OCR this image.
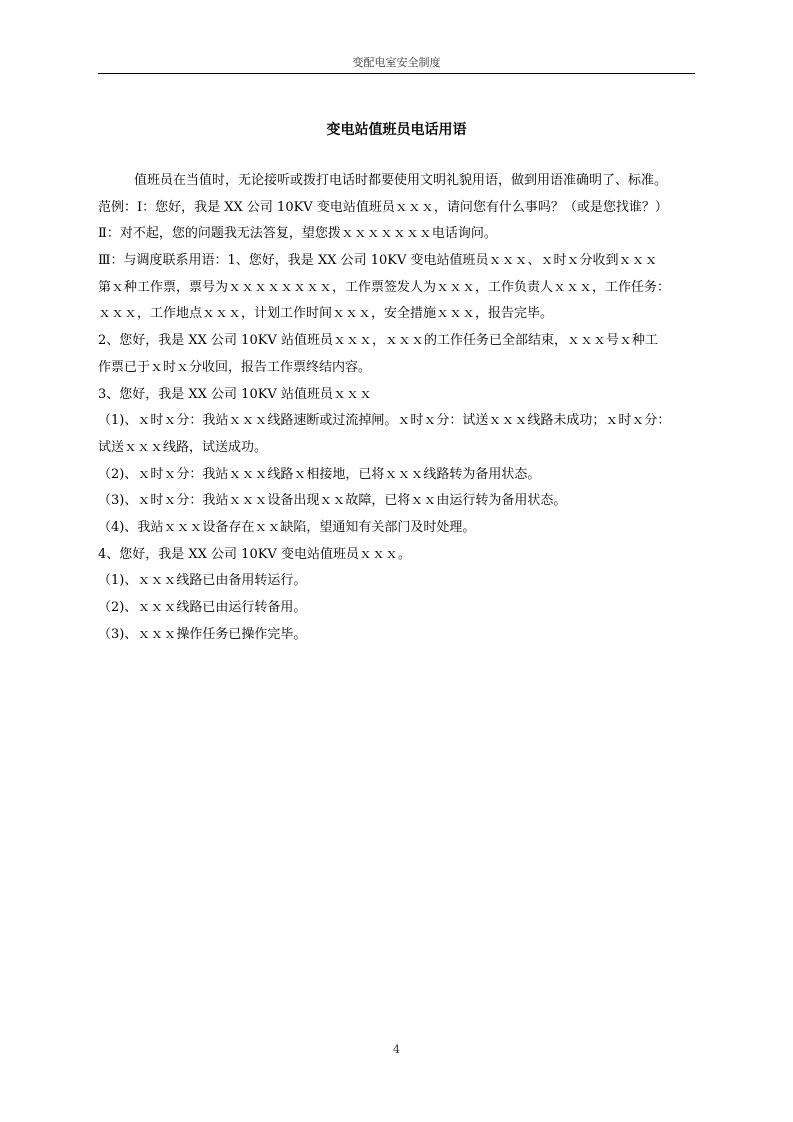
变配电室安全制度
变电站值班员电话用语
值班员在当值时，无论接听或拨打电话时都要使用文明礼貌用语，做到用语准确明了、标准。
范例：Ⅰ：您好，我是 XX 公司 10KV 变电站值班员ｘｘｘ，请问您有什么事吗？（或是您找谁？）
Ⅱ：对不起，您的问题我无法答复，望您拨ｘｘｘｘｘｘｘ电话询问。
Ⅲ：与调度联系用语：1、您好，我是 XX 公司 10KV 变电站值班员ｘｘｘ、ｘ时ｘ分收到ｘｘｘ
第ｘ种工作票，票号为ｘｘｘｘｘｘｘｘ，工作票签发人为ｘｘｘ，工作负责人ｘｘｘ，工作任务：
ｘｘｘ，工作地点ｘｘｘ，计划工作时间ｘｘｘ，安全措施ｘｘｘ，报告完毕。
2、您好，我是 XX 公司 10KV 站值班员ｘｘｘ，ｘｘｘ的工作任务已全部结束，ｘｘｘ号ｘ种工
作票已于ｘ时ｘ分收回，报告工作票终结内容。
3、您好，我是 XX 公司 10KV 站值班员ｘｘｘ
（1)、ｘ时ｘ分：我站ｘｘｘ线路速断或过流掉闸。ｘ时ｘ分：试送ｘｘｘ线路未成功；ｘ时ｘ分：
试送ｘｘｘ线路，试送成功。
（2)、ｘ时ｘ分：我站ｘｘｘ线路ｘ相接地，已将ｘｘｘ线路转为备用状态。
（3)、ｘ时ｘ分：我站ｘｘｘ设备出现ｘｘ故障，已将ｘｘ由运行转为备用状态。
（4)、我站ｘｘｘ设备存在ｘｘ缺陷，望通知有关部门及时处理。
4、您好，我是 XX 公司 10KV 变电站值班员ｘｘｘ。
（1)、ｘｘｘ线路已由备用转运行。
（2)、ｘｘｘ线路已由运行转备用。
（3)、ｘｘｘ操作任务已操作完毕。
4
